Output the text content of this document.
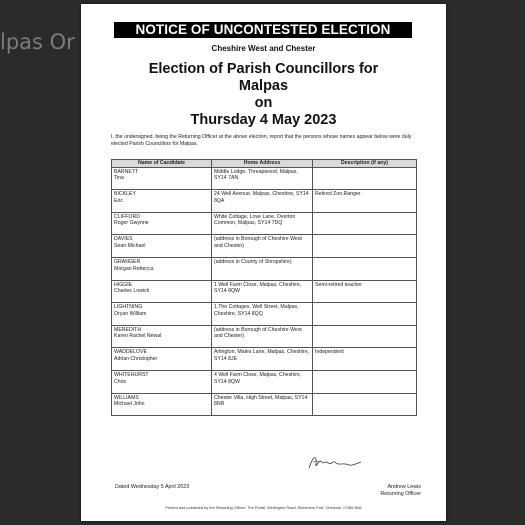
lpas Or
NOTICE OF UNCONTESTED ELECTION
Cheshire West and Chester
Election of Parish Councillors for
Malpas
on
Thursday 4 May 2023
I, the undersigned, being the Returning Officer at the above election, report that the persons whose names appear below were duly elected Parish Councillors for Malpas.
Name of Candidate	Home Address	Description (if any)

BARNETT
Tina	Middle Lodge, Threapwood, Malpas, SY14 7AN	

BICKLEY
Eric	24 Well Avenue, Malpas, Cheshire, SY14 8QA	Retired Zoo Ranger

CLIFFORD
Roger Gwynne	White Cottage, Love Lane, Overton Common, Malpas, SY14 7DQ	

DAVIES
Sean Michael	(address in Borough of Cheshire West and Chester)	

GRANGER
Morgan Rebecca	(address in County of Shropshire)	

HIGGIE
Charles Lowick	1 Well Farm Close, Malpas, Cheshire, SY14 8QW	Semi-retired teacher

LIGHTNING
Oryan William	1 The Cottages, Well Street, Malpas, Cheshire, SY14 8QQ	

MEREDITH
Karen Rachel Newal	(address in Borough of Cheshire West and Chester)	

WADDELOVE
Adrian Christopher	Arlington, Mates Lane, Malpas, Cheshire, SY14 8JE	Independent

WHITEHURST
Chris	4 Well Farm Close, Malpas, Cheshire, SY14 8QW	

WILLIAMS
Michael John	Chester Villa, High Street, Malpas, SY14 8NR	
Dated Wednesday 5 April 2023	Andrew Lewis
Returning Officer
Printed and published by the Returning Officer, The Portal, Wellington Road, Ellesmere Port, Cheshire, CH65 0BA
